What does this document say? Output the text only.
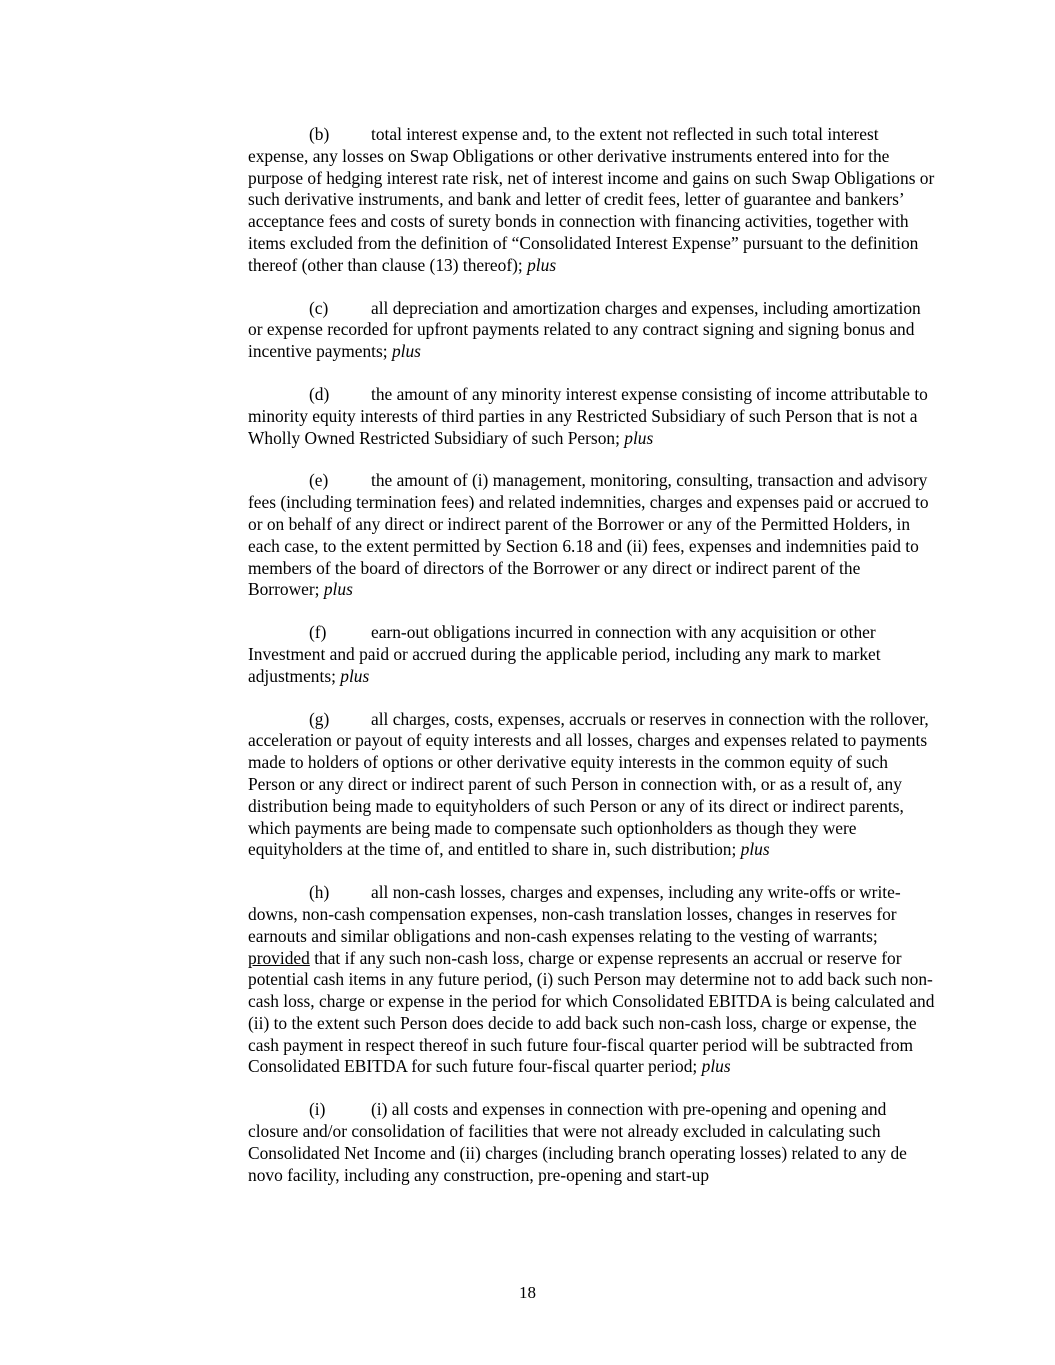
(b) total interest expense and, to the extent not reflected in such total interest expense, any losses on Swap Obligations or other derivative instruments entered into for the purpose of hedging interest rate risk, net of interest income and gains on such Swap Obligations or such derivative instruments, and bank and letter of credit fees, letter of guarantee and bankers’ acceptance fees and costs of surety bonds in connection with financing activities, together with items excluded from the definition of “Consolidated Interest Expense” pursuant to the definition thereof (other than clause (13) thereof); plus

(c) all depreciation and amortization charges and expenses, including amortization or expense recorded for upfront payments related to any contract signing and signing bonus and incentive payments; plus

(d) the amount of any minority interest expense consisting of income attributable to minority equity interests of third parties in any Restricted Subsidiary of such Person that is not a Wholly Owned Restricted Subsidiary of such Person; plus

(e) the amount of (i) management, monitoring, consulting, transaction and advisory fees (including termination fees) and related indemnities, charges and expenses paid or accrued to or on behalf of any direct or indirect parent of the Borrower or any of the Permitted Holders, in each case, to the extent permitted by Section 6.18 and (ii) fees, expenses and indemnities paid to members of the board of directors of the Borrower or any direct or indirect parent of the Borrower; plus

(f)	earn-out obligations incurred in connection with any acquisition or other Investment and paid or accrued during the applicable period, including any mark to market adjustments; plus

(g) all charges, costs, expenses, accruals or reserves in connection with the rollover, acceleration or payout of equity interests and all losses, charges and expenses related to payments made to holders of options or other derivative equity interests in the common equity of such Person or any direct or indirect parent of such Person in connection with, or as a result of, any distribution being made to equityholders of such Person or any of its direct or indirect parents, which payments are being made to compensate such optionholders as though they were equityholders at the time of, and entitled to share in, such distribution; plus

(h) all non-cash losses, charges and expenses, including any write-offs or write-downs, non-cash compensation expenses, non-cash translation losses, changes in reserves for earnouts and similar obligations and non-cash expenses relating to the vesting of warrants; provided that if any such non-cash loss, charge or expense represents an accrual or reserve for potential cash items in any future period, (i) such Person may determine not to add back such non-cash loss, charge or expense in the period for which Consolidated EBITDA is being calculated and (ii) to the extent such Person does decide to add back such non-cash loss, charge or expense, the cash payment in respect thereof in such future four-fiscal quarter period will be subtracted from Consolidated EBITDA for such future four-fiscal quarter period; plus

(i)	(i) all costs and expenses in connection with pre-opening and opening and closure and/or consolidation of facilities that were not already excluded in calculating such Consolidated Net Income and (ii) charges (including branch operating losses) related to any de novo facility, including any construction, pre-opening and start-up

18
